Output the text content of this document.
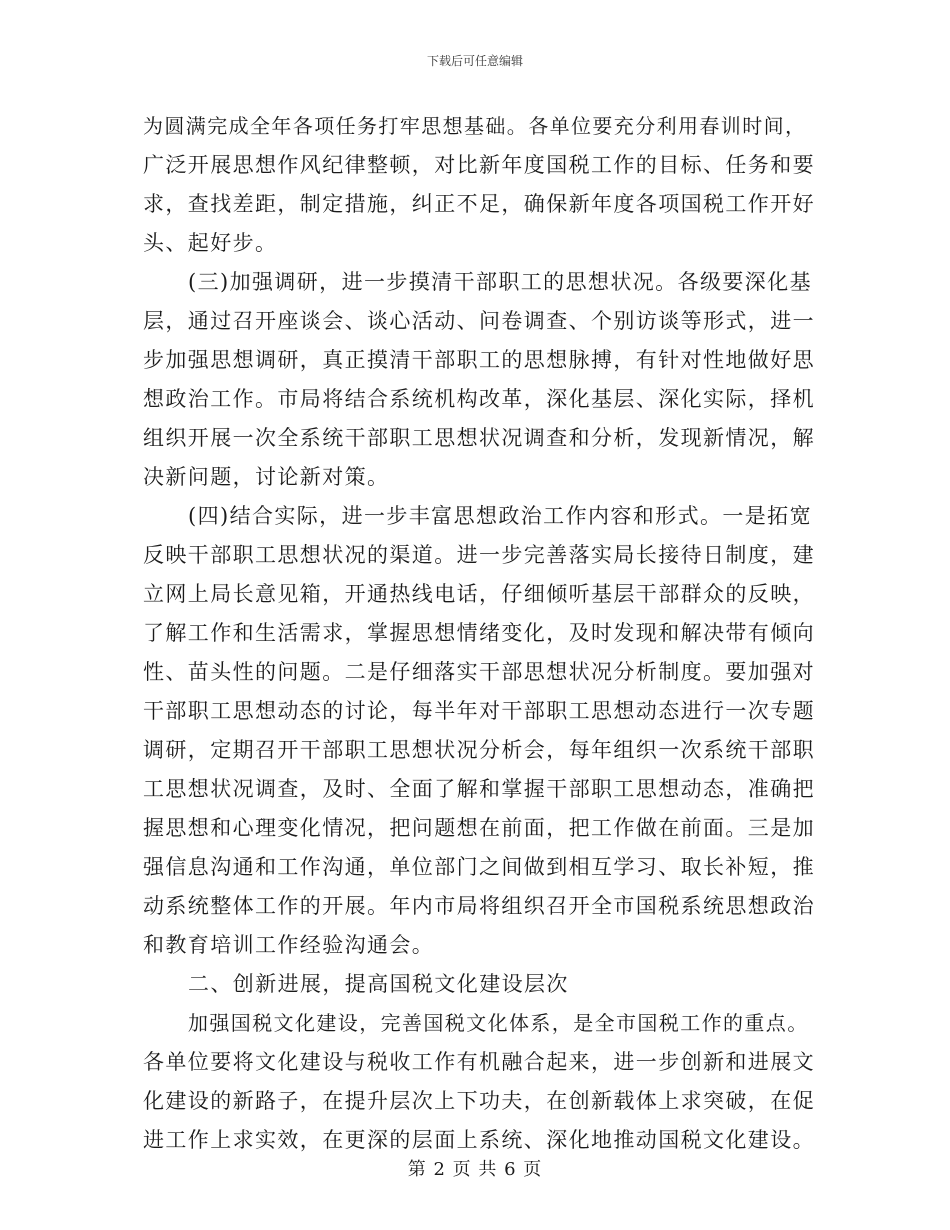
下载后可任意编辑
为圆满完成全年各项任务打牢思想基础。各单位要充分利用春训时间，
广泛开展思想作风纪律整顿，对比新年度国税工作的目标、任务和要
求，查找差距，制定措施，纠正不足，确保新年度各项国税工作开好
头、起好步。
(三)加强调研，进一步摸清干部职工的思想状况。各级要深化基
层，通过召开座谈会、谈心活动、问卷调查、个别访谈等形式，进一
步加强思想调研，真正摸清干部职工的思想脉搏，有针对性地做好思
想政治工作。市局将结合系统机构改革，深化基层、深化实际，择机
组织开展一次全系统干部职工思想状况调查和分析，发现新情况，解
决新问题，讨论新对策。
(四)结合实际，进一步丰富思想政治工作内容和形式。一是拓宽
反映干部职工思想状况的渠道。进一步完善落实局长接待日制度，建
立网上局长意见箱，开通热线电话，仔细倾听基层干部群众的反映，
了解工作和生活需求，掌握思想情绪变化，及时发现和解决带有倾向
性、苗头性的问题。二是仔细落实干部思想状况分析制度。要加强对
干部职工思想动态的讨论，每半年对干部职工思想动态进行一次专题
调研，定期召开干部职工思想状况分析会，每年组织一次系统干部职
工思想状况调查，及时、全面了解和掌握干部职工思想动态，准确把
握思想和心理变化情况，把问题想在前面，把工作做在前面。三是加
强信息沟通和工作沟通，单位部门之间做到相互学习、取长补短，推
动系统整体工作的开展。年内市局将组织召开全市国税系统思想政治
和教育培训工作经验沟通会。
二、创新进展，提高国税文化建设层次
加强国税文化建设，完善国税文化体系，是全市国税工作的重点。
各单位要将文化建设与税收工作有机融合起来，进一步创新和进展文
化建设的新路子，在提升层次上下功夫，在创新载体上求突破，在促
进工作上求实效，在更深的层面上系统、深化地推动国税文化建设。
第 2 页 共 6 页
